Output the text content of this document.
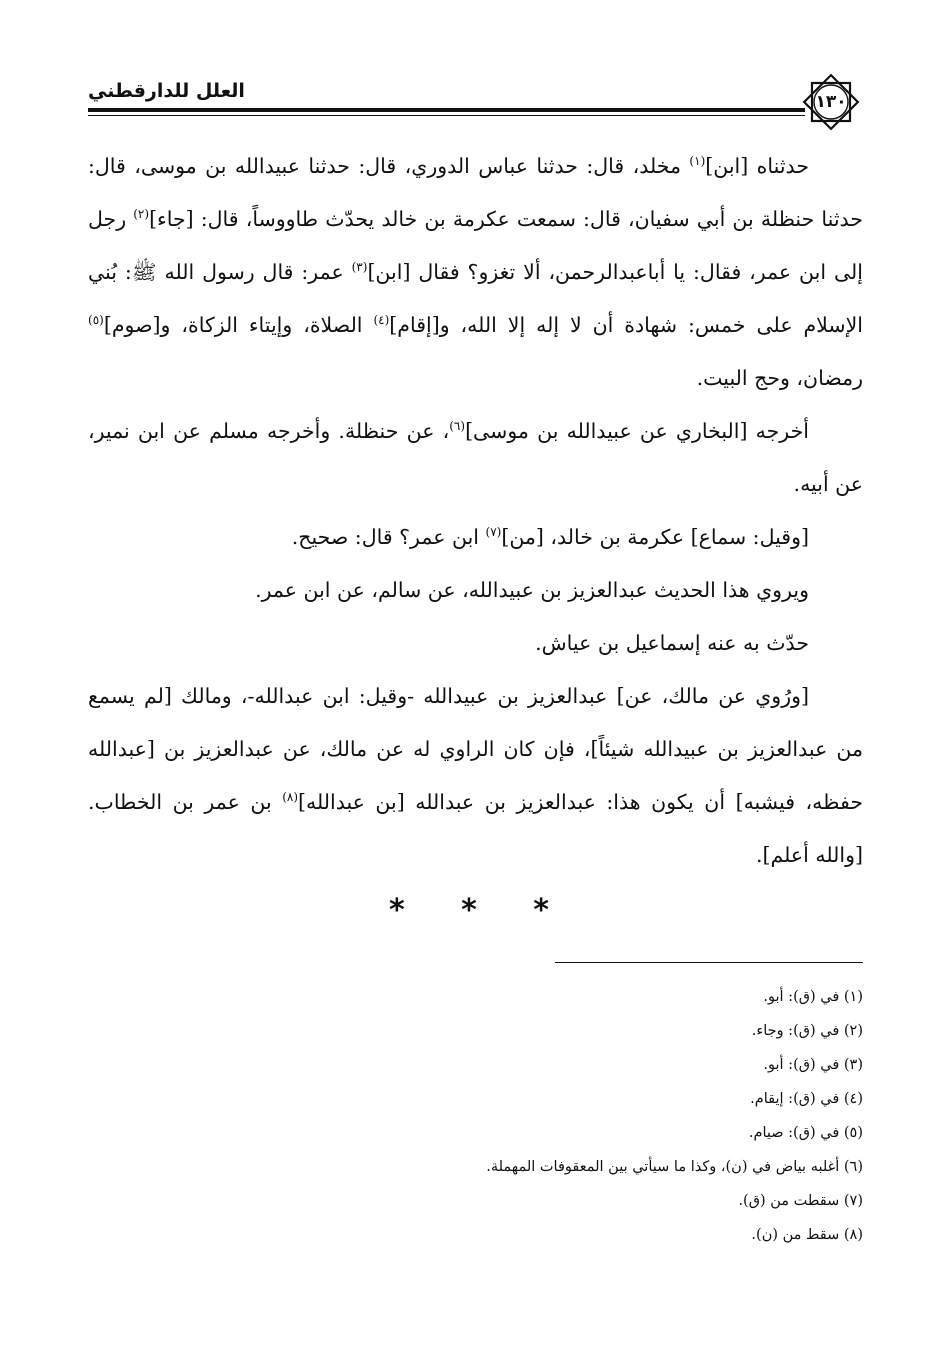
١٣٠
العلل للدارقطني

حدثناه [ابن]$^{(١)}$ مخلد، قال: حدثنا عباس الدوري، قال: حدثنا عبيدالله بن موسى، قال: حدثنا حنظلة بن أبي سفيان، قال: سمعت عكرمة بن خالد يحدّث طاووساً، قال: [جاء]$^{(٢)}$ رجل إلى ابن عمر، فقال: يا أباعبدالرحمن، ألا تغزو؟ فقال [ابن]$^{(٣)}$ عمر: قال رسول الله ﷺ: بُني الإسلام على خمس: شهادة أن لا إله إلا الله، و[إقام]$^{(٤)}$ الصلاة، وإيتاء الزكاة، و[صوم]$^{(٥)}$ رمضان، وحج البيت.

أخرجه [البخاري عن عبيدالله بن موسى]$^{(٦)}$، عن حنظلة. وأخرجه مسلم عن ابن نمير، عن أبيه.

[وقيل: سماع] عكرمة بن خالد، [من]$^{(٧)}$ ابن عمر؟ قال: صحيح.

ويروي هذا الحديث عبدالعزيز بن عبيدالله، عن سالم، عن ابن عمر.

حدّث به عنه إسماعيل بن عياش.

[ورُوي عن مالك، عن] عبدالعزيز بن عبيدالله -وقيل: ابن عبدالله-، ومالك [لم يسمع من عبدالعزيز بن عبيدالله شيئاً]، فإن كان الراوي له عن مالك، عن عبدالعزيز بن [عبدالله حفظه، فيشبه] أن يكون هذا: عبدالعزيز بن عبدالله [بن عبدالله]$^{(٨)}$ بن عمر بن الخطاب. [والله أعلم].

* * *
(١) في (ق): أبو.
(٢) في (ق): وجاء.
(٣) في (ق): أبو.
(٤) في (ق): إيقام.
(٥) في (ق): صيام.
(٦) أغلبه بياض في (ن)، وكذا ما سيأتي بين المعقوفات المهملة.
(٧) سقطت من (ق).
(٨) سقط من (ن).
